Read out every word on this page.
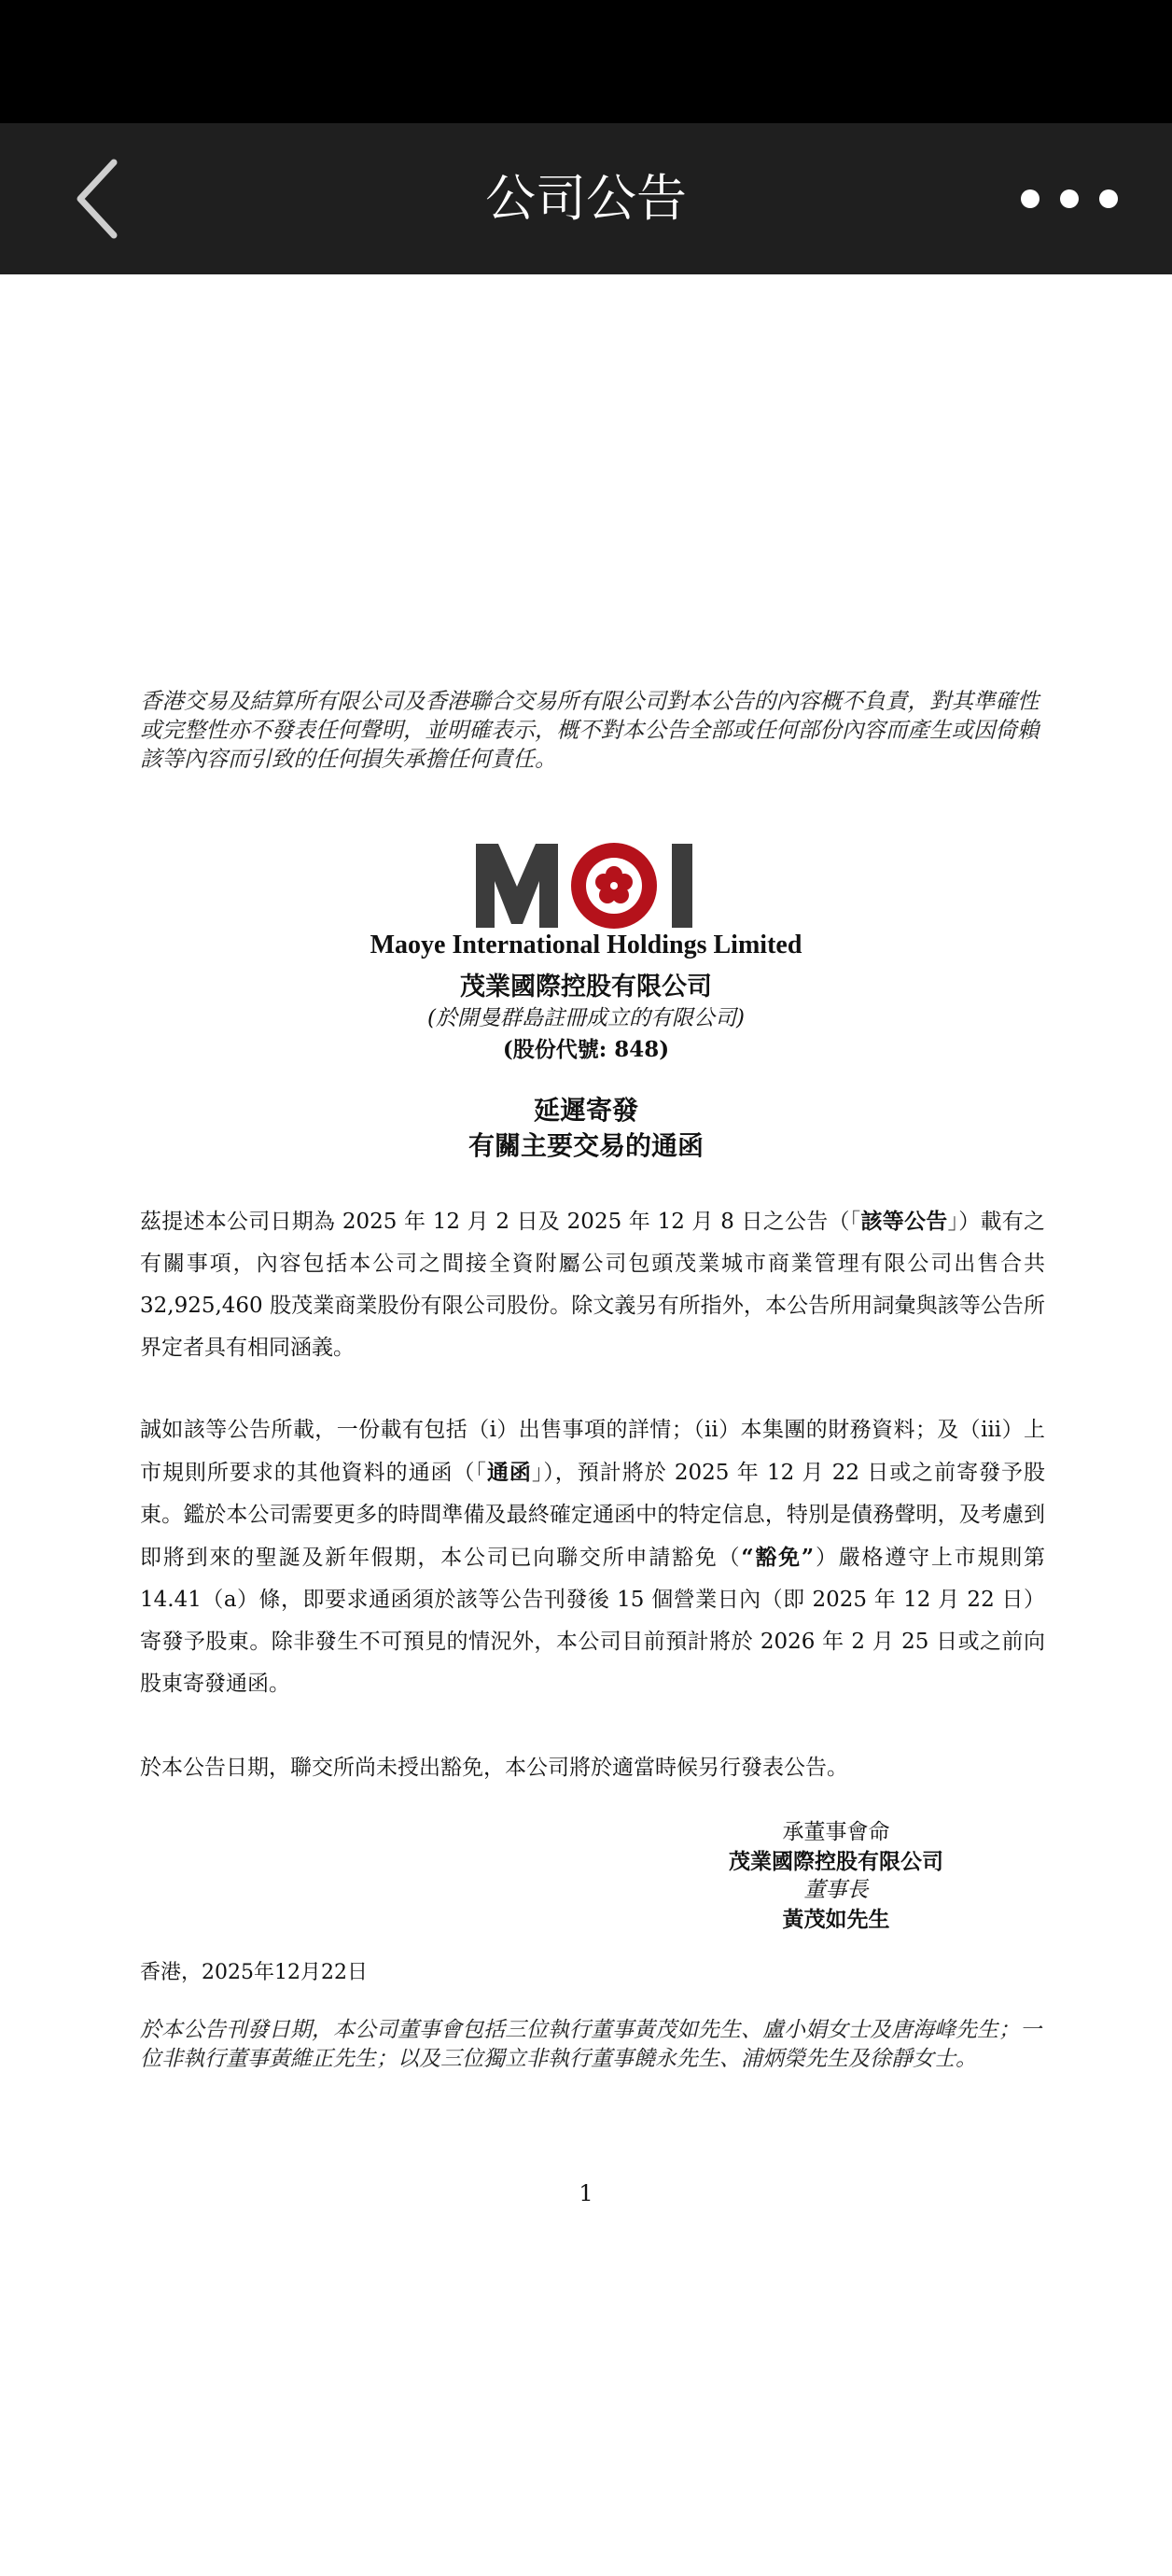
公司公告
香港交易及結算所有限公司及香港聯合交易所有限公司對本公告的內容概不負責，對其準確性或完整性亦不發表任何聲明，並明確表示，概不對本公告全部或任何部份內容而產生或因倚賴該等內容而引致的任何損失承擔任何責任。
Maoye International Holdings Limited
茂業國際控股有限公司
(於開曼群島註冊成立的有限公司)
(股份代號: 848)
延遲寄發
有關主要交易的通函
茲提述本公司日期為 2025 年 12 月 2 日及 2025 年 12 月 8 日之公告（「該等公告」）載有之有關事項，內容包括本公司之間接全資附屬公司包頭茂業城市商業管理有限公司出售合共 32,925,460 股茂業商業股份有限公司股份。除文義另有所指外，本公告所用詞彙與該等公告所界定者具有相同涵義。
誠如該等公告所載，一份載有包括（i）出售事項的詳情；（ii）本集團的財務資料；及（iii）上市規則所要求的其他資料的通函（「通函」），預計將於 2025 年 12 月 22 日或之前寄發予股東。鑑於本公司需要更多的時間準備及最終確定通函中的特定信息，特別是債務聲明，及考慮到即將到來的聖誕及新年假期，本公司已向聯交所申請豁免（“豁免”）嚴格遵守上市規則第 14.41（a）條，即要求通函須於該等公告刊發後 15 個營業日內（即 2025 年 12 月 22 日）寄發予股東。除非發生不可預見的情況外，本公司目前預計將於 2026 年 2 月 25 日或之前向股東寄發通函。
於本公告日期，聯交所尚未授出豁免，本公司將於適當時候另行發表公告。
承董事會命
茂業國際控股有限公司
董事長
黃茂如先生
香港，2025年12月22日
於本公告刊發日期，本公司董事會包括三位執行董事黃茂如先生、盧小娟女士及唐海峰先生；一位非執行董事黃維正先生；以及三位獨立非執行董事饒永先生、浦炳榮先生及徐靜女士。
1
